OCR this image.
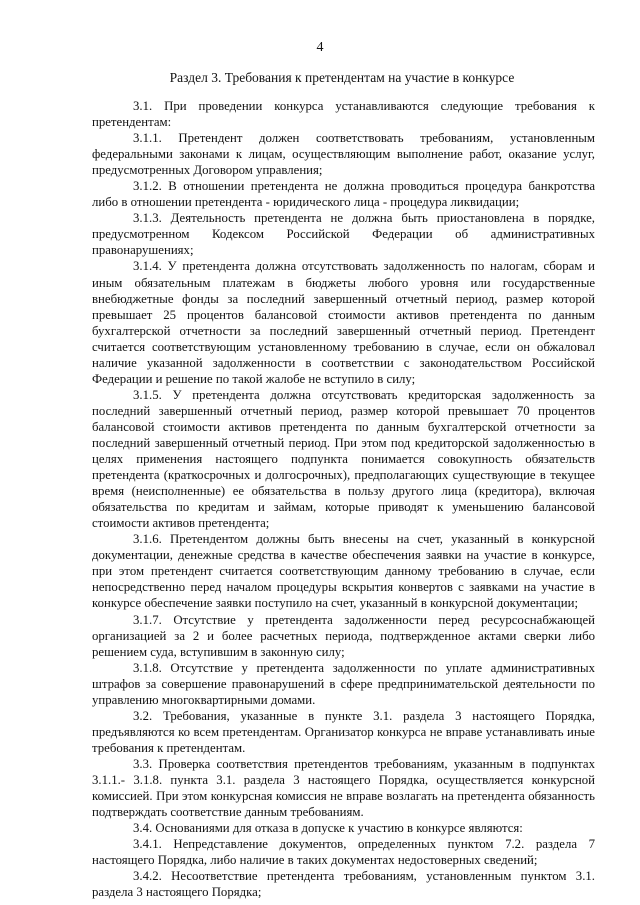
4
Раздел 3. Требования к претендентам на участие в конкурсе

3.1. При проведении конкурса устанавливаются следующие требования к претендентам:

3.1.1. Претендент должен соответствовать требованиям, установленным федеральными законами к лицам, осуществляющим выполнение работ, оказание услуг, предусмотренных Договором управления;

3.1.2. В отношении претендента не должна проводиться процедура банкротства либо в отношении претендента - юридического лица - процедура ликвидации;

3.1.3. Деятельность претендента не должна быть приостановлена в порядке, предусмотренном Кодексом Российской Федерации об административных правонарушениях;

3.1.4. У претендента должна отсутствовать задолженность по налогам, сборам и иным обязательным платежам в бюджеты любого уровня или государственные внебюджетные фонды за последний завершенный отчетный период, размер которой превышает 25 процентов балансовой стоимости активов претендента по данным бухгалтерской отчетности за последний завершенный отчетный период. Претендент считается соответствующим установленному требованию в случае, если он обжаловал наличие указанной задолженности в соответствии с законодательством Российской Федерации и решение по такой жалобе не вступило в силу;

3.1.5. У претендента должна отсутствовать кредиторская задолженность за последний завершенный отчетный период, размер которой превышает 70 процентов балансовой стоимости активов претендента по данным бухгалтерской отчетности за последний завершенный отчетный период. При этом под кредиторской задолженностью в целях применения настоящего подпункта понимается совокупность обязательств претендента (краткосрочных и долгосрочных), предполагающих существующие в текущее время (неисполненные) ее обязательства в пользу другого лица (кредитора), включая обязательства по кредитам и займам, которые приводят к уменьшению балансовой стоимости активов претендента;

3.1.6. Претендентом должны быть внесены на счет, указанный в конкурсной документации, денежные средства в качестве обеспечения заявки на участие в конкурсе, при этом претендент считается соответствующим данному требованию в случае, если непосредственно перед началом процедуры вскрытия конвертов с заявками на участие в конкурсе обеспечение заявки поступило на счет, указанный в конкурсной документации;

3.1.7. Отсутствие у претендента задолженности перед ресурсоснабжающей организацией за 2 и более расчетных периода, подтвержденное актами сверки либо решением суда, вступившим в законную силу;

3.1.8. Отсутствие у претендента задолженности по уплате административных штрафов за совершение правонарушений в сфере предпринимательской деятельности по управлению многоквартирными домами.

3.2. Требования, указанные в пункте 3.1. раздела 3 настоящего Порядка, предъявляются ко всем претендентам. Организатор конкурса не вправе устанавливать иные требования к претендентам.

3.3. Проверка соответствия претендентов требованиям, указанным в подпунктах 3.1.1.- 3.1.8. пункта 3.1. раздела 3 настоящего Порядка, осуществляется конкурсной комиссией. При этом конкурсная комиссия не вправе возлагать на претендента обязанность подтверждать соответствие данным требованиям.

3.4. Основаниями для отказа в допуске к участию в конкурсе являются:

3.4.1. Непредставление документов, определенных пунктом 7.2. раздела 7 настоящего Порядка, либо наличие в таких документах недостоверных сведений;

3.4.2. Несоответствие претендента требованиям, установленным пунктом 3.1. раздела 3 настоящего Порядка;
